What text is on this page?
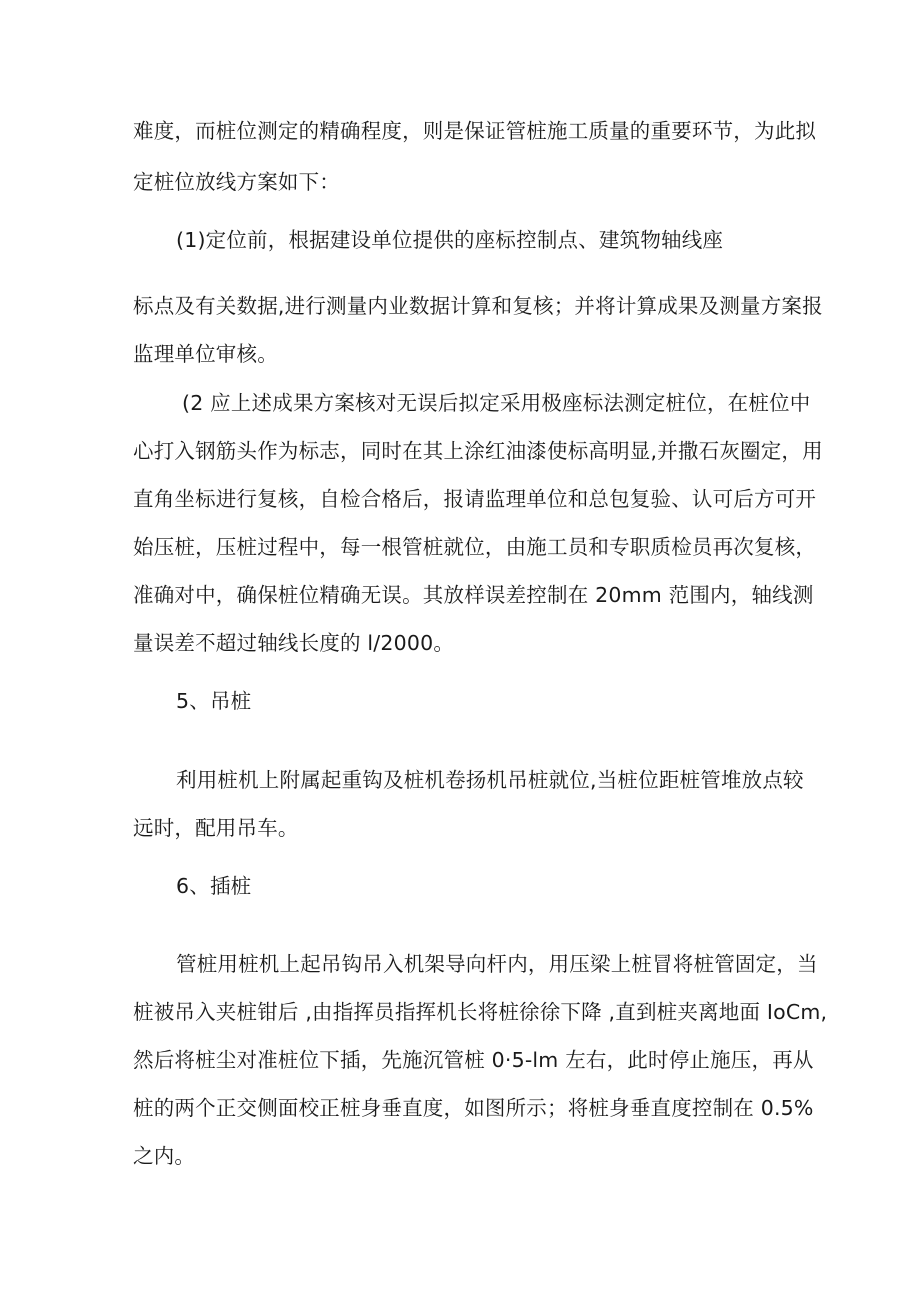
难度，而桩位测定的精确程度，则是保证管桩施工质量的重要环节，为此拟
定桩位放线方案如下：
(1)定位前，根据建设单位提供的座标控制点、建筑物轴线座
标点及有关数据,进行测量内业数据计算和复核；并将计算成果及测量方案报
监理单位审核。
(2 应上述成果方案核对无误后拟定采用极座标法测定桩位，在桩位中
心打入钢筋头作为标志，同时在其上涂红油漆使标高明显,并撒石灰圈定，用
直角坐标进行复核，自检合格后，报请监理单位和总包复验、认可后方可开
始压桩，压桩过程中，每一根管桩就位，由施工员和专职质检员再次复核，
准确对中，确保桩位精确无误。其放样误差控制在 20mm 范围内，轴线测
量误差不超过轴线长度的 l/2000。
5、吊桩
利用桩机上附属起重钩及桩机卷扬机吊桩就位,当桩位距桩管堆放点较
远时，配用吊车。
6、插桩
管桩用桩机上起吊钩吊入机架导向杆内，用压梁上桩冒将桩管固定，当
桩被吊入夹桩钳后 ,由指挥员指挥机长将桩徐徐下降 ,直到桩夹离地面 IoCm,
然后将桩尘对准桩位下插，先施沉管桩 0·5-lm 左右，此时停止施压，再从
桩的两个正交侧面校正桩身垂直度，如图所示；将桩身垂直度控制在 0.5%
之内。
